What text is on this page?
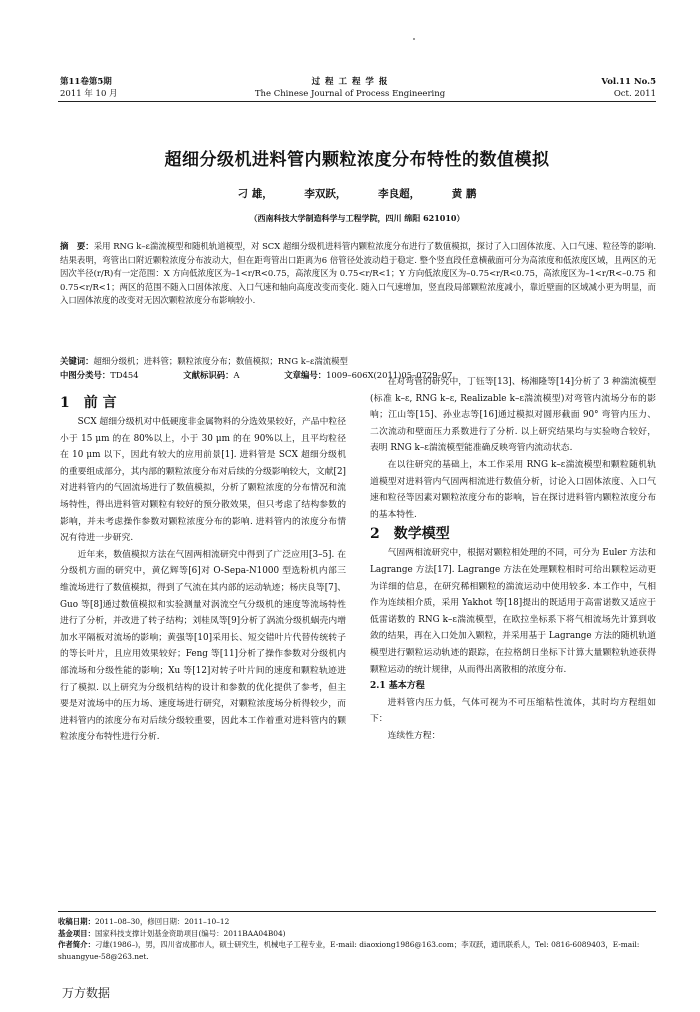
第11卷第5期
2011 年 10 月
过 程 工 程 学 报
The Chinese Journal of Process Engineering
Vol.11 No.5
Oct. 2011
超细分级机进料管内颗粒浓度分布特性的数值模拟
刁 雄，	李双跃，	李良超，	黄 鹏
（西南科技大学制造科学与工程学院，四川 绵阳 621010）
摘　要：采用 RNG k–ε湍流模型和随机轨道模型，对 SCX 超细分级机进料管内颗粒浓度分布进行了数值模拟，探讨了入口固体浓度、入口气速、粒径等的影响. 结果表明，弯管出口附近颗粒浓度分布波动大，但在距弯管出口距离为6 倍管径处波动趋于稳定. 整个竖直段任意横截面可分为高浓度和低浓度区域，且两区的无因次半径(r/R)有一定范围：X 方向低浓度区为–1<r/R<0.75，高浓度区为 0.75<r/R<1；Y 方向低浓度区为–0.75<r/R<0.75，高浓度区为–1<r/R<–0.75 和 0.75<r/R<1；两区的范围不随入口固体浓度、入口气速和轴向高度改变而变化. 随入口气速增加，竖直段局部颗粒浓度减小，靠近壁面的区域减小更为明显，而入口固体浓度的改变对无因次颗粒浓度分布影响较小.
关键词：超细分级机；进料管；颗粒浓度分布；数值模拟；RNG k–ε湍流模型
中图分类号：TD454	文献标识码：A	文章编号：1009–606X(2011)05–0729–07

1 前 言

SCX 超细分级机对中低硬度非金属物料的分选效果较好，产品中粒径小于 15 μm 的在 80%以上，小于 30 μm 的在 90%以上，且平均粒径在 10 μm 以下，因此有较大的应用前景[1]. 进料管是 SCX 超细分级机的重要组成部分，其内部的颗粒浓度分布对后续的分级影响较大，文献[2]对进料管内的气固流场进行了数值模拟，分析了颗粒浓度的分布情况和流场特性，得出进料管对颗粒有较好的预分散效果，但只考虑了结构参数的影响，并未考虑操作参数对颗粒浓度分布的影响. 进料管内的浓度分布情况有待进一步研究.

近年来，数值模拟方法在气固两相流研究中得到了广泛应用[3–5]. 在分级机方面的研究中，黄亿辉等[6]对 O-Sepa-N1000 型选粉机内部三维流场进行了数值模拟，得到了气流在其内部的运动轨迹；杨庆良等[7]、Guo 等[8]通过数值模拟和实验测量对涡流空气分级机的速度等流场特性进行了分析，并改进了转子结构；刘桂凤等[9]分析了涡流分级机蜗壳内增加水平隔板对流场的影响；黄强等[10]采用长、短交错叶片代替传统转子的等长叶片，且应用效果较好；Feng 等[11]分析了操作参数对分级机内部流场和分级性能的影响；Xu 等[12]对转子叶片间的速度和颗粒轨迹进行了模拟. 以上研究为分级机结构的设计和参数的优化提供了参考，但主要是对流场中的压力场、速度场进行研究，对颗粒浓度场分析得较少，而进料管内的浓度分布对后续分级较重要，因此本工作着重对进料管内的颗粒浓度分布特性进行分析.

在对弯管的研究中，丁钰等[13]、杨湘隆等[14]分析了 3 种湍流模型(标准 k–ε, RNG k–ε, Realizable k–ε湍流模型)对弯管内流场分布的影响；江山等[15]、孙业志等[16]通过模拟对圆形截面 90° 弯管内压力、二次流动和壁面压力系数进行了分析. 以上研究结果均与实验吻合较好，表明 RNG k–ε湍流模型能准确反映弯管内流动状态.

在以往研究的基础上，本工作采用 RNG k–ε湍流模型和颗粒随机轨道模型对进料管内气固两相流进行数值分析，讨论入口固体浓度、入口气速和粒径等因素对颗粒浓度分布的影响，旨在探讨进料管内颗粒浓度分布的基本特性.

2 数学模型

气固两相流研究中，根据对颗粒相处理的不同，可分为 Euler 方法和 Lagrange 方法[17]. Lagrange 方法在处理颗粒相时可给出颗粒运动更为详细的信息，在研究稀相颗粒的湍流运动中使用较多. 本工作中，气相作为连续相介质，采用 Yakhot 等[18]提出的既适用于高雷诺数又适应于低雷诺数的 RNG k–ε湍流模型，在欧拉坐标系下将气相流场先计算到收敛的结果，再在入口处加入颗粒，并采用基于 Lagrange 方法的随机轨道模型进行颗粒运动轨迹的跟踪，在拉格朗日坐标下计算大量颗粒轨迹获得颗粒运动的统计规律，从而得出离散相的浓度分布.

2.1 基本方程

进料管内压力低，气体可视为不可压缩粘性流体，其时均方程组如下：

连续性方程：

收稿日期：2011–08–30，修回日期：2011–10–12
基金项目：国家科技支撑计划基金资助项目(编号：2011BAA04B04)
作者简介：刁雄(1986–)，男，四川省成都市人，硕士研究生，机械电子工程专业，E-mail: diaoxiong1986@163.com；李双跃，通讯联系人，Tel: 0816-6089403，E-mail: shuangyue-58@263.net.
万方数据
